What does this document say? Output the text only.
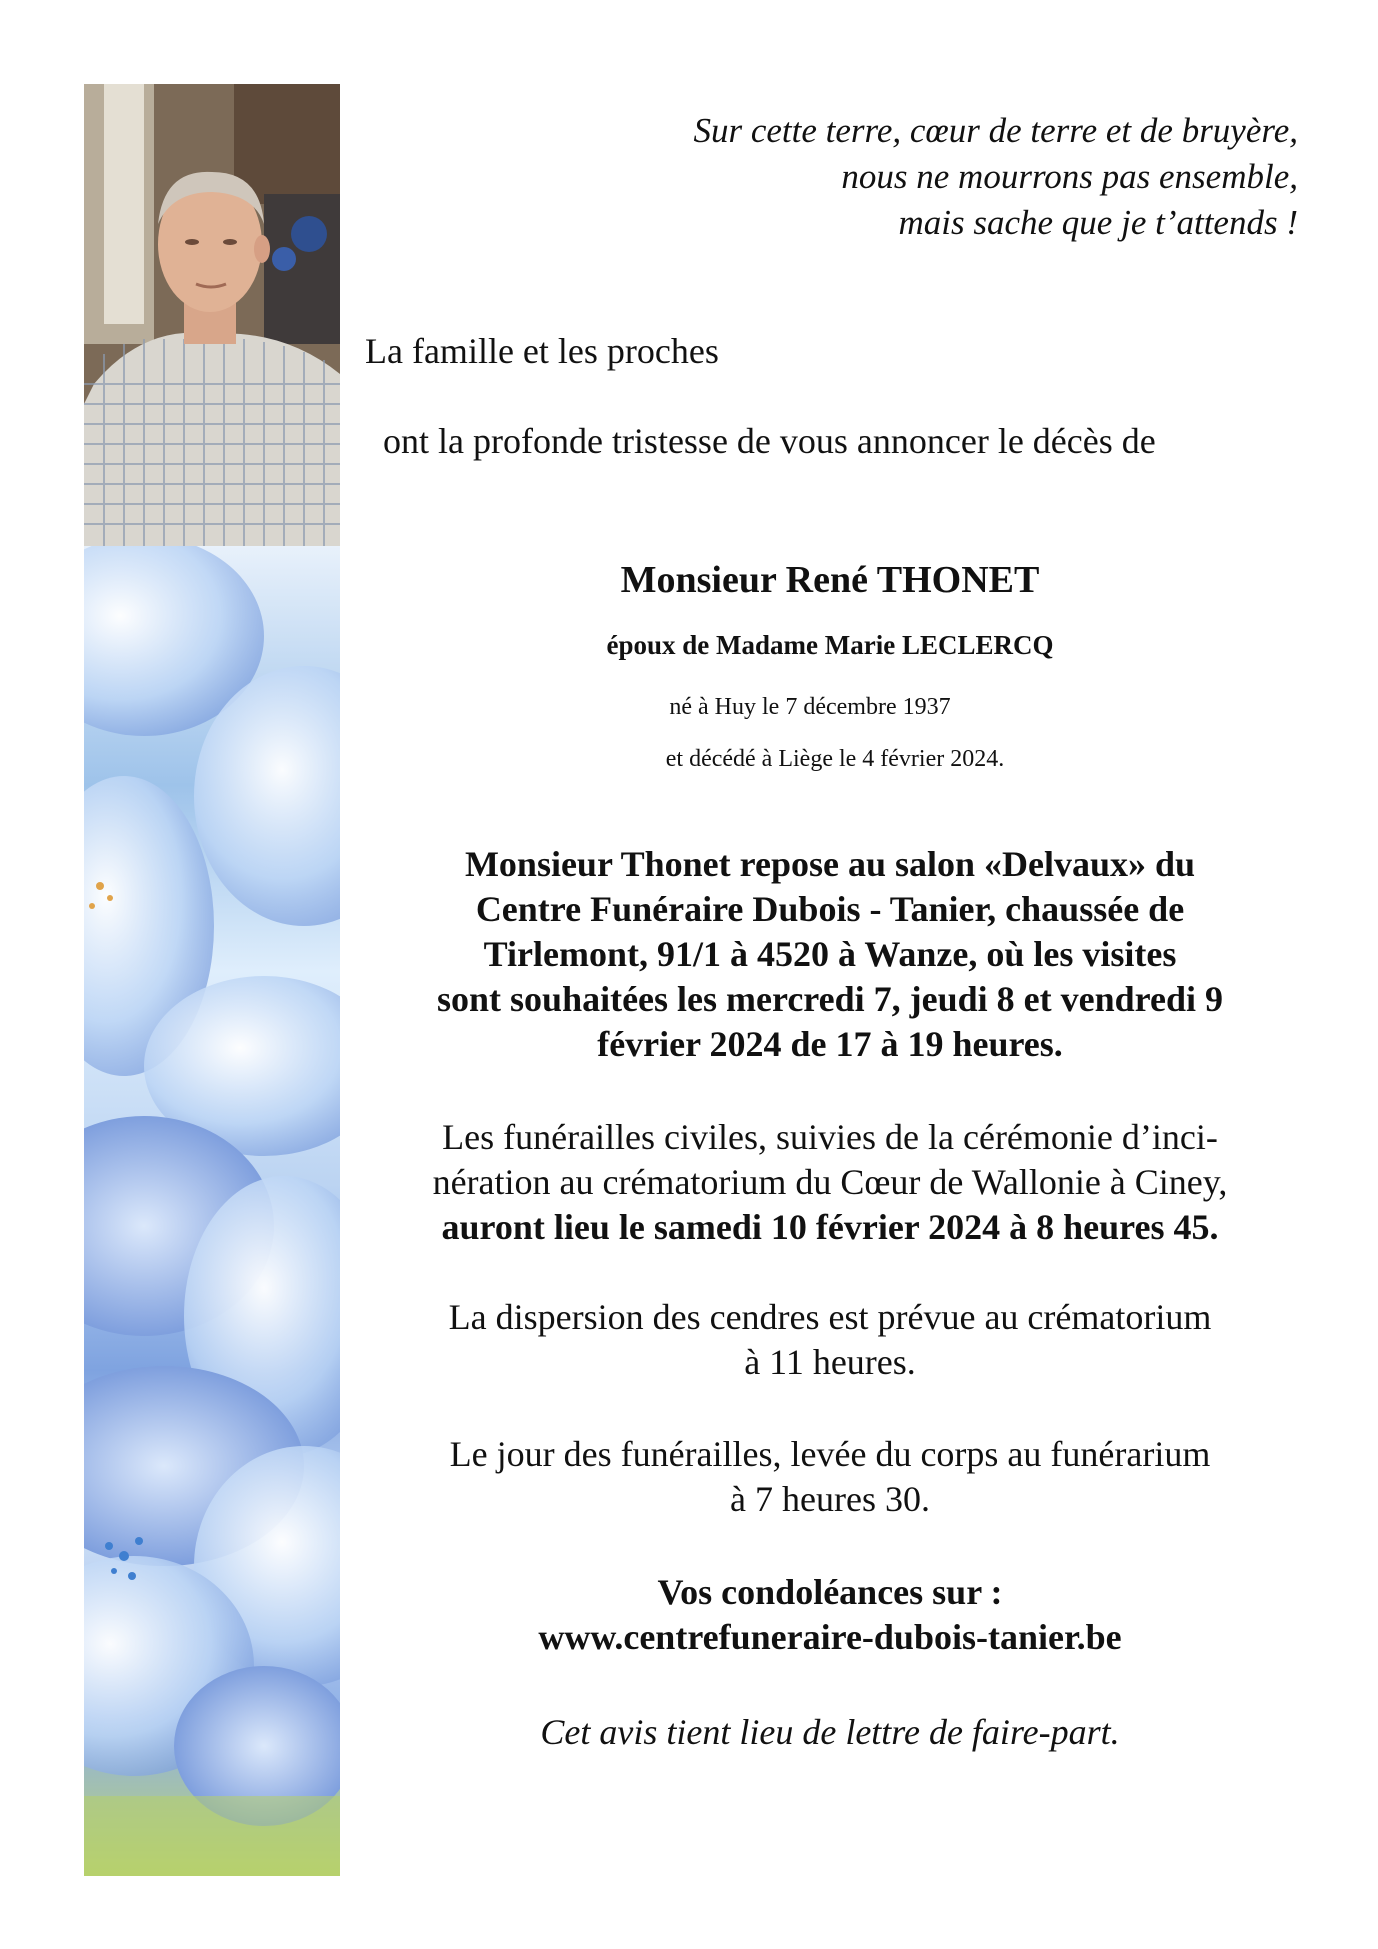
Sur cette terre, cœur de terre et de bruyère,
nous ne mourrons pas ensemble,
mais sache que je t’attends !
La famille et les proches
ont la profonde tristesse de vous annoncer le décès de
Monsieur René THONET
époux de Madame Marie LECLERCQ
né à Huy le 7 décembre 1937
et décédé à Liège le 4 février 2024.
Monsieur Thonet repose au salon «Delvaux» du
Centre Funéraire Dubois - Tanier, chaussée de
Tirlemont, 91/1 à 4520 à Wanze, où les visites
sont souhaitées les mercredi 7, jeudi 8 et vendredi 9
février 2024 de 17 à 19 heures.
Les funérailles civiles, suivies de la cérémonie d’inci-
nération au crématorium du Cœur de Wallonie à Ciney,
auront lieu le samedi 10 février 2024 à 8 heures 45.
La dispersion des cendres est prévue au crématorium
à 11 heures.
Le jour des funérailles, levée du corps au funérarium
à 7 heures 30.
Vos condoléances sur :
www.centrefuneraire-dubois-tanier.be
Cet avis tient lieu de lettre de faire-part.
